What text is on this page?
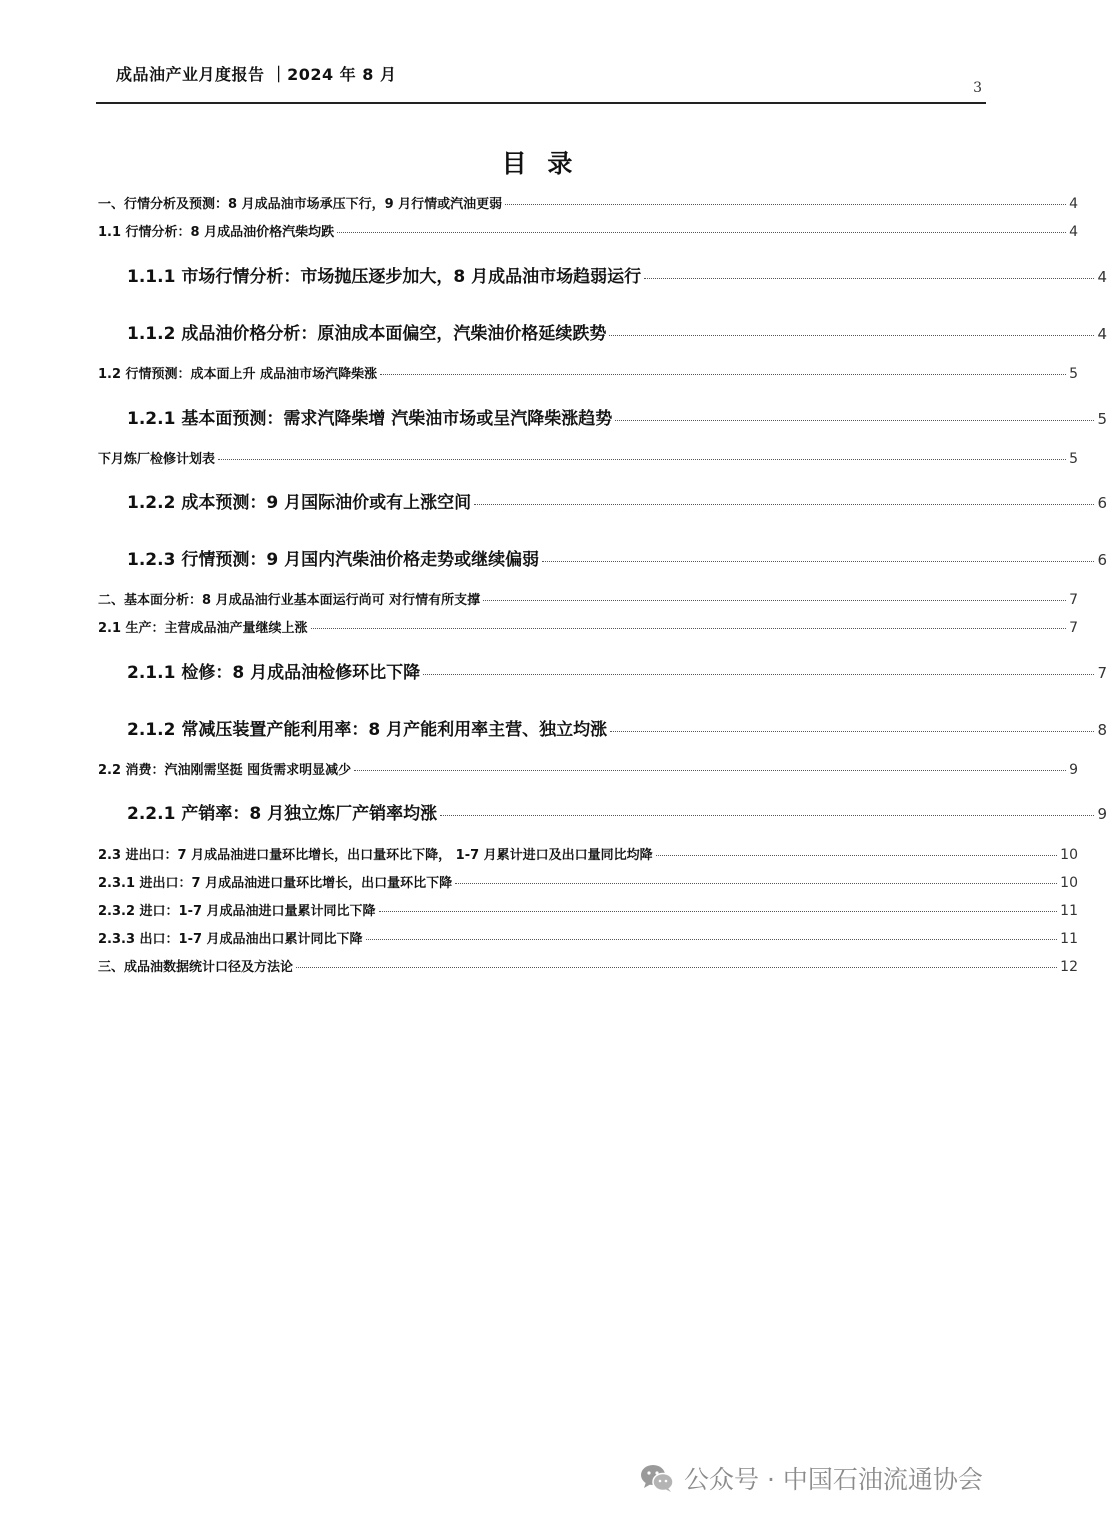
成品油产业月度报告 ｜2024 年 8 月
3
目 录
一、行情分析及预测：8 月成品油市场承压下行，9 月行情或汽油更弱	4
1.1 行情分析：8 月成品油价格汽柴均跌	4
1.1.1 市场行情分析：市场抛压逐步加大，8 月成品油市场趋弱运行	4
1.1.2 成品油价格分析：原油成本面偏空，汽柴油价格延续跌势	4
1.2 行情预测：成本面上升 成品油市场汽降柴涨	5
1.2.1 基本面预测：需求汽降柴增 汽柴油市场或呈汽降柴涨趋势	5
下月炼厂检修计划表	5
1.2.2 成本预测：9 月国际油价或有上涨空间	6
1.2.3 行情预测：9 月国内汽柴油价格走势或继续偏弱	6
二、基本面分析：8 月成品油行业基本面运行尚可 对行情有所支撑	7
2.1 生产：主营成品油产量继续上涨	7
2.1.1 检修：8 月成品油检修环比下降	7
2.1.2 常减压装置产能利用率：8 月产能利用率主营、独立均涨	8
2.2 消费：汽油刚需坚挺 囤货需求明显减少	9
2.2.1 产销率：8 月独立炼厂产销率均涨	9
2.3 进出口：7 月成品油进口量环比增长，出口量环比下降， 1-7 月累计进口及出口量同比均降	10
2.3.1 进出口：7 月成品油进口量环比增长，出口量环比下降	10
2.3.2 进口：1-7 月成品油进口量累计同比下降	11
2.3.3 出口：1-7 月成品油出口累计同比下降	11
三、成品油数据统计口径及方法论	12
公众号 · 中国石油流通协会
